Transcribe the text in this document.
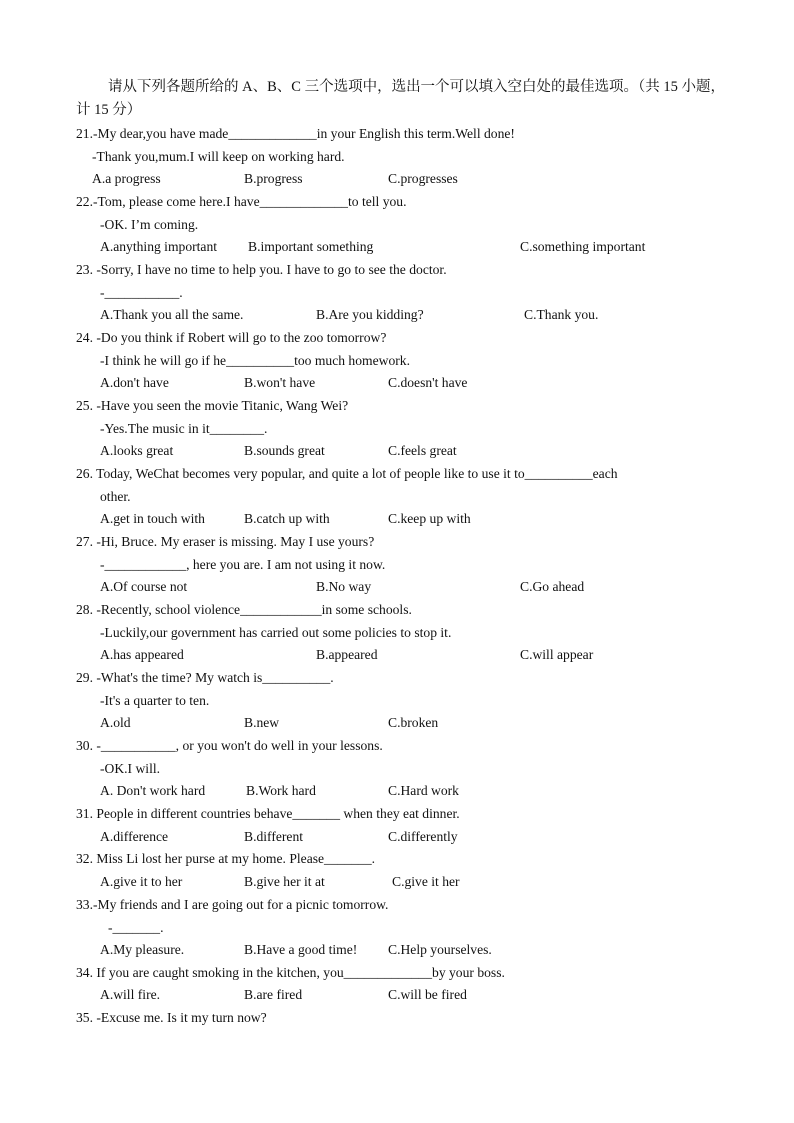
请从下列各题所给的 A、B、C 三个选项中，选出一个可以填入空白处的最佳选项。（共 15 小题，计 15 分）
21.-My dear,you have made_____________in your English this term.Well done!
-Thank you,mum.I will keep on working hard.
A.a progress	B.progress	C.progresses
22.-Tom, please come here.I have_____________to tell you.
-OK. I’m coming.
A.anything important B.important something	C.something important
23. -Sorry, I have no time to help you. I have to go to see the doctor.
-___________.
A.Thank you all the same.	B.Are you kidding?	C.Thank you.
24. -Do you think if Robert will go to the zoo tomorrow?
-I think he will go if he__________too much homework.
A.don't have	B.won't have	C.doesn't have
25. -Have you seen the movie Titanic, Wang Wei?
-Yes.The music in it________.
A.looks great	B.sounds great	C.feels great
26. Today, WeChat becomes very popular, and quite a lot of people like to use it to__________each
other.
A.get in touch with	B.catch up with	C.keep up with
27. -Hi, Bruce. My eraser is missing. May I use yours?
-____________, here you are. I am not using it now.
A.Of course not	B.No way	C.Go ahead
28. -Recently, school violence____________in some schools.
-Luckily,our government has carried out some policies to stop it.
A.has appeared	B.appeared	C.will appear
29. -What's the time? My watch is__________.
-It's a quarter to ten.
A.old	B.new	C.broken
30. -___________, or you won't do well in your lessons.
-OK.I will.
A. Don't work hard	B.Work hard	C.Hard work
31. People in different countries behave_______ when they eat dinner.
A.difference	B.different	C.differently
32. Miss Li lost her purse at my home. Please_______.
A.give it to her	B.give her it at	C.give it her
33.-My friends and I are going out for a picnic tomorrow.
-_______.
A.My pleasure.	B.Have a good time! C.Help yourselves.
34. If you are caught smoking in the kitchen, you_____________by your boss.
A.will fire.	B.are fired	C.will be fired
35. -Excuse me. Is it my turn now?
